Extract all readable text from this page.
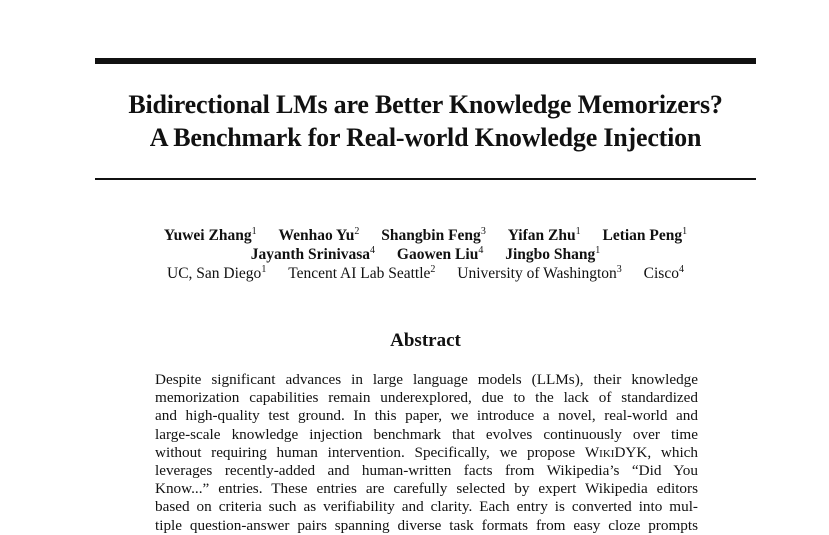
Bidirectional LMs are Better Knowledge Memorizers?
A Benchmark for Real-world Knowledge Injection
Yuwei Zhang$^1$ Wenhao Yu$^2$ Shangbin Feng$^3$ Yifan Zhu$^1$ Letian Peng$^1$
Jayanth Srinivasa$^4$ Gaowen Liu$^4$ Jingbo Shang$^1$
UC, San Diego$^1$ Tencent AI Lab Seattle$^2$ University of Washington$^3$ Cisco$^4$
Abstract
Despite significant advances in large language models (LLMs), their knowledge
memorization capabilities remain underexplored, due to the lack of standardized
and high-quality test ground. In this paper, we introduce a novel, real-world and
large-scale knowledge injection benchmark that evolves continuously over time
without requiring human intervention. Specifically, we propose WikiDYK, which
leverages recently-added and human-written facts from Wikipedia’s “Did You
Know...” entries. These entries are carefully selected by expert Wikipedia editors
based on criteria such as verifiability and clarity. Each entry is converted into mul-
tiple question-answer pairs spanning diverse task formats from easy cloze prompts
